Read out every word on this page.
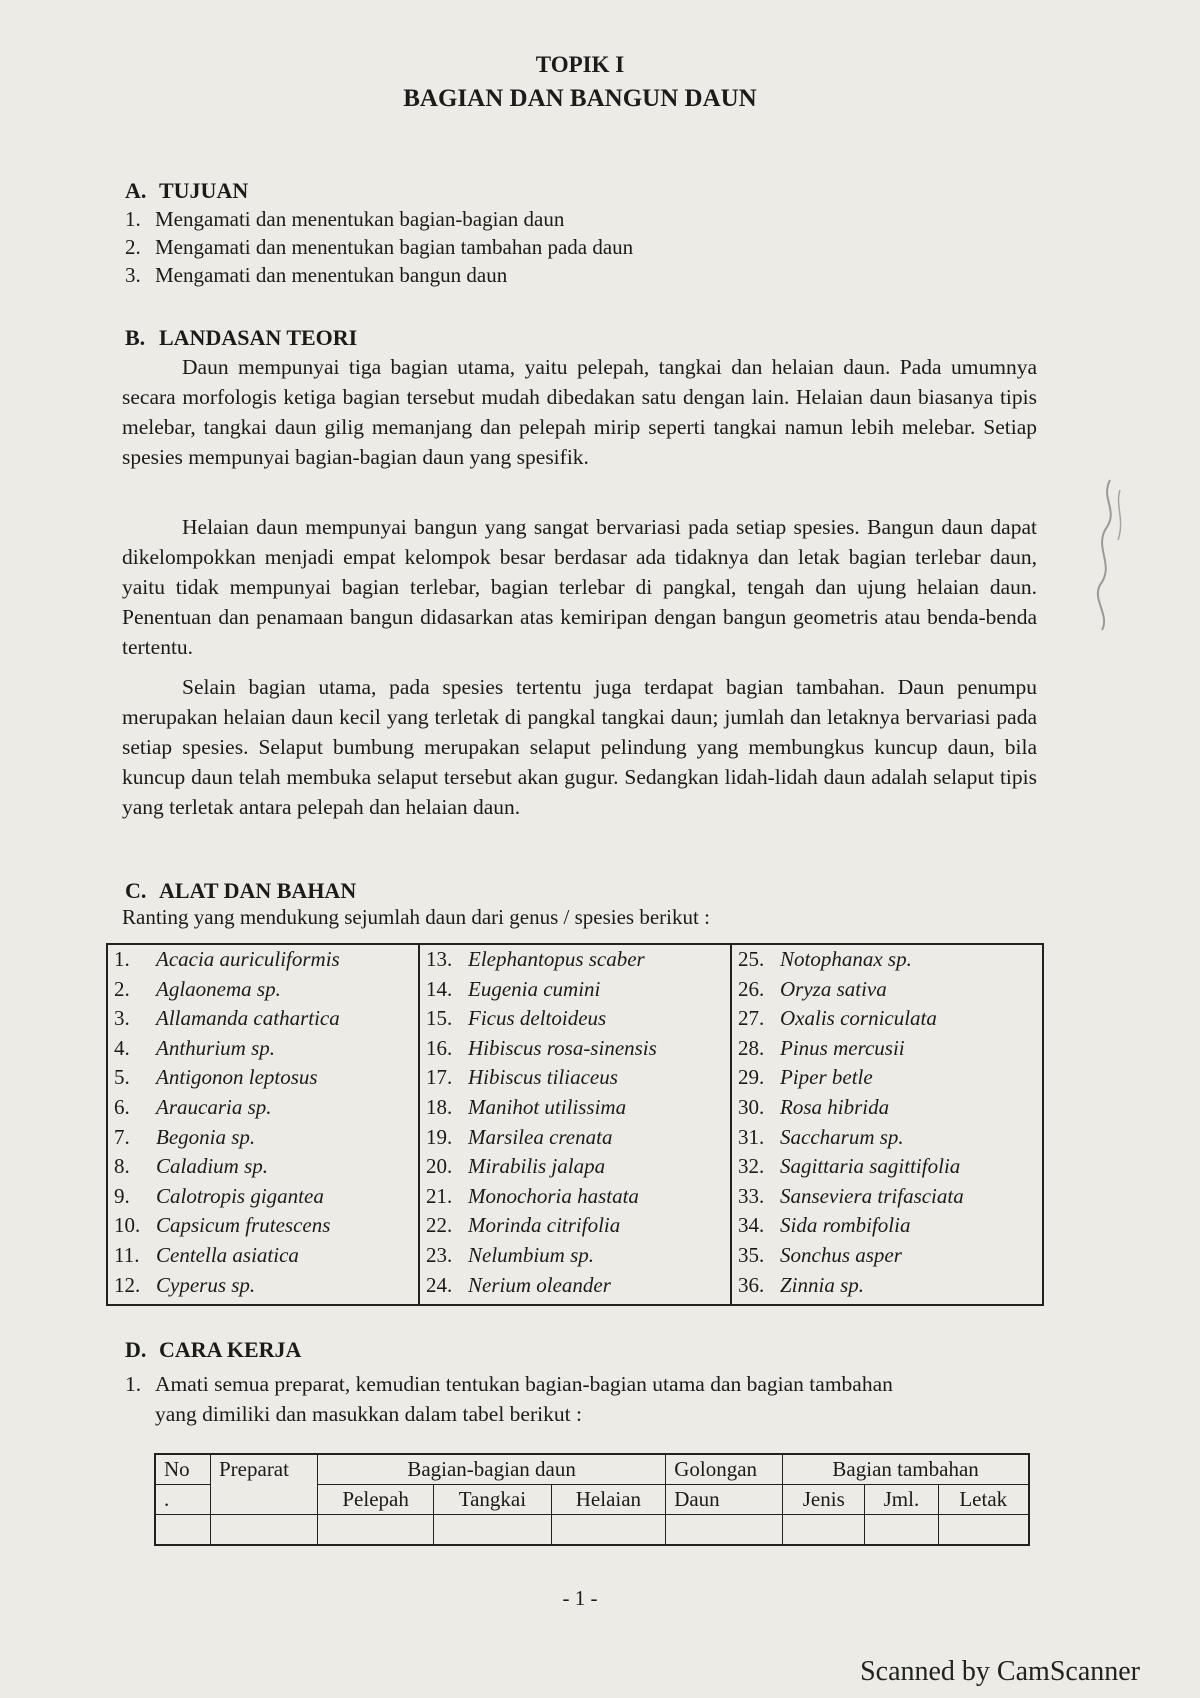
TOPIK I
BAGIAN DAN BANGUN DAUN
A. TUJUAN
1. Mengamati dan menentukan bagian-bagian daun
2. Mengamati dan menentukan bagian tambahan pada daun
3. Mengamati dan menentukan bangun daun
B. LANDASAN TEORI
Daun mempunyai tiga bagian utama, yaitu pelepah, tangkai dan helaian daun. Pada umumnya secara morfologis ketiga bagian tersebut mudah dibedakan satu dengan lain. Helaian daun biasanya tipis melebar, tangkai daun gilig memanjang dan pelepah mirip seperti tangkai namun lebih melebar. Setiap spesies mempunyai bagian-bagian daun yang spesifik.
Helaian daun mempunyai bangun yang sangat bervariasi pada setiap spesies. Bangun daun dapat dikelompokkan menjadi empat kelompok besar berdasar ada tidaknya dan letak bagian terlebar daun, yaitu tidak mempunyai bagian terlebar, bagian terlebar di pangkal, tengah dan ujung helaian daun. Penentuan dan penamaan bangun didasarkan atas kemiripan dengan bangun geometris atau benda-benda tertentu.
Selain bagian utama, pada spesies tertentu juga terdapat bagian tambahan. Daun penumpu merupakan helaian daun kecil yang terletak di pangkal tangkai daun; jumlah dan letaknya bervariasi pada setiap spesies. Selaput bumbung merupakan selaput pelindung yang membungkus kuncup daun, bila kuncup daun telah membuka selaput tersebut akan gugur. Sedangkan lidah-lidah daun adalah selaput tipis yang terletak antara pelepah dan helaian daun.
C. ALAT DAN BAHAN
Ranting yang mendukung sejumlah daun dari genus / spesies berikut :
1. Acacia auriculiformis
2. Aglaonema sp.
3. Allamanda cathartica
4. Anthurium sp.
5. Antigonon leptosus
6. Araucaria sp.
7. Begonia sp.
8. Caladium sp.
9. Calotropis gigantea
10. Capsicum frutescens
11. Centella asiatica
12. Cyperus sp.

13. Elephantopus scaber
14. Eugenia cumini
15. Ficus deltoideus
16. Hibiscus rosa-sinensis
17. Hibiscus tiliaceus
18. Manihot utilissima
19. Marsilea crenata
20. Mirabilis jalapa
21. Monochoria hastata
22. Morinda citrifolia
23. Nelumbium sp.
24. Nerium oleander

25. Notophanax sp.
26. Oryza sativa
27. Oxalis corniculata
28. Pinus mercusii
29. Piper betle
30. Rosa hibrida
31. Saccharum sp.
32. Sagittaria sagittifolia
33. Sanseviera trifasciata
34. Sida rombifolia
35. Sonchus asper
36. Zinnia sp.
D. CARA KERJA
1. Amati semua preparat, kemudian tentukan bagian-bagian utama dan bagian tambahan
yang dimiliki dan masukkan dalam tabel berikut :
No	Preparat	Bagian-bagian daun			Golongan	Bagian tambahan		
.		Pelepah	Tangkai	Helaian	Daun	Jenis	Jml.	Letak

- 1 -
Scanned by CamScanner
